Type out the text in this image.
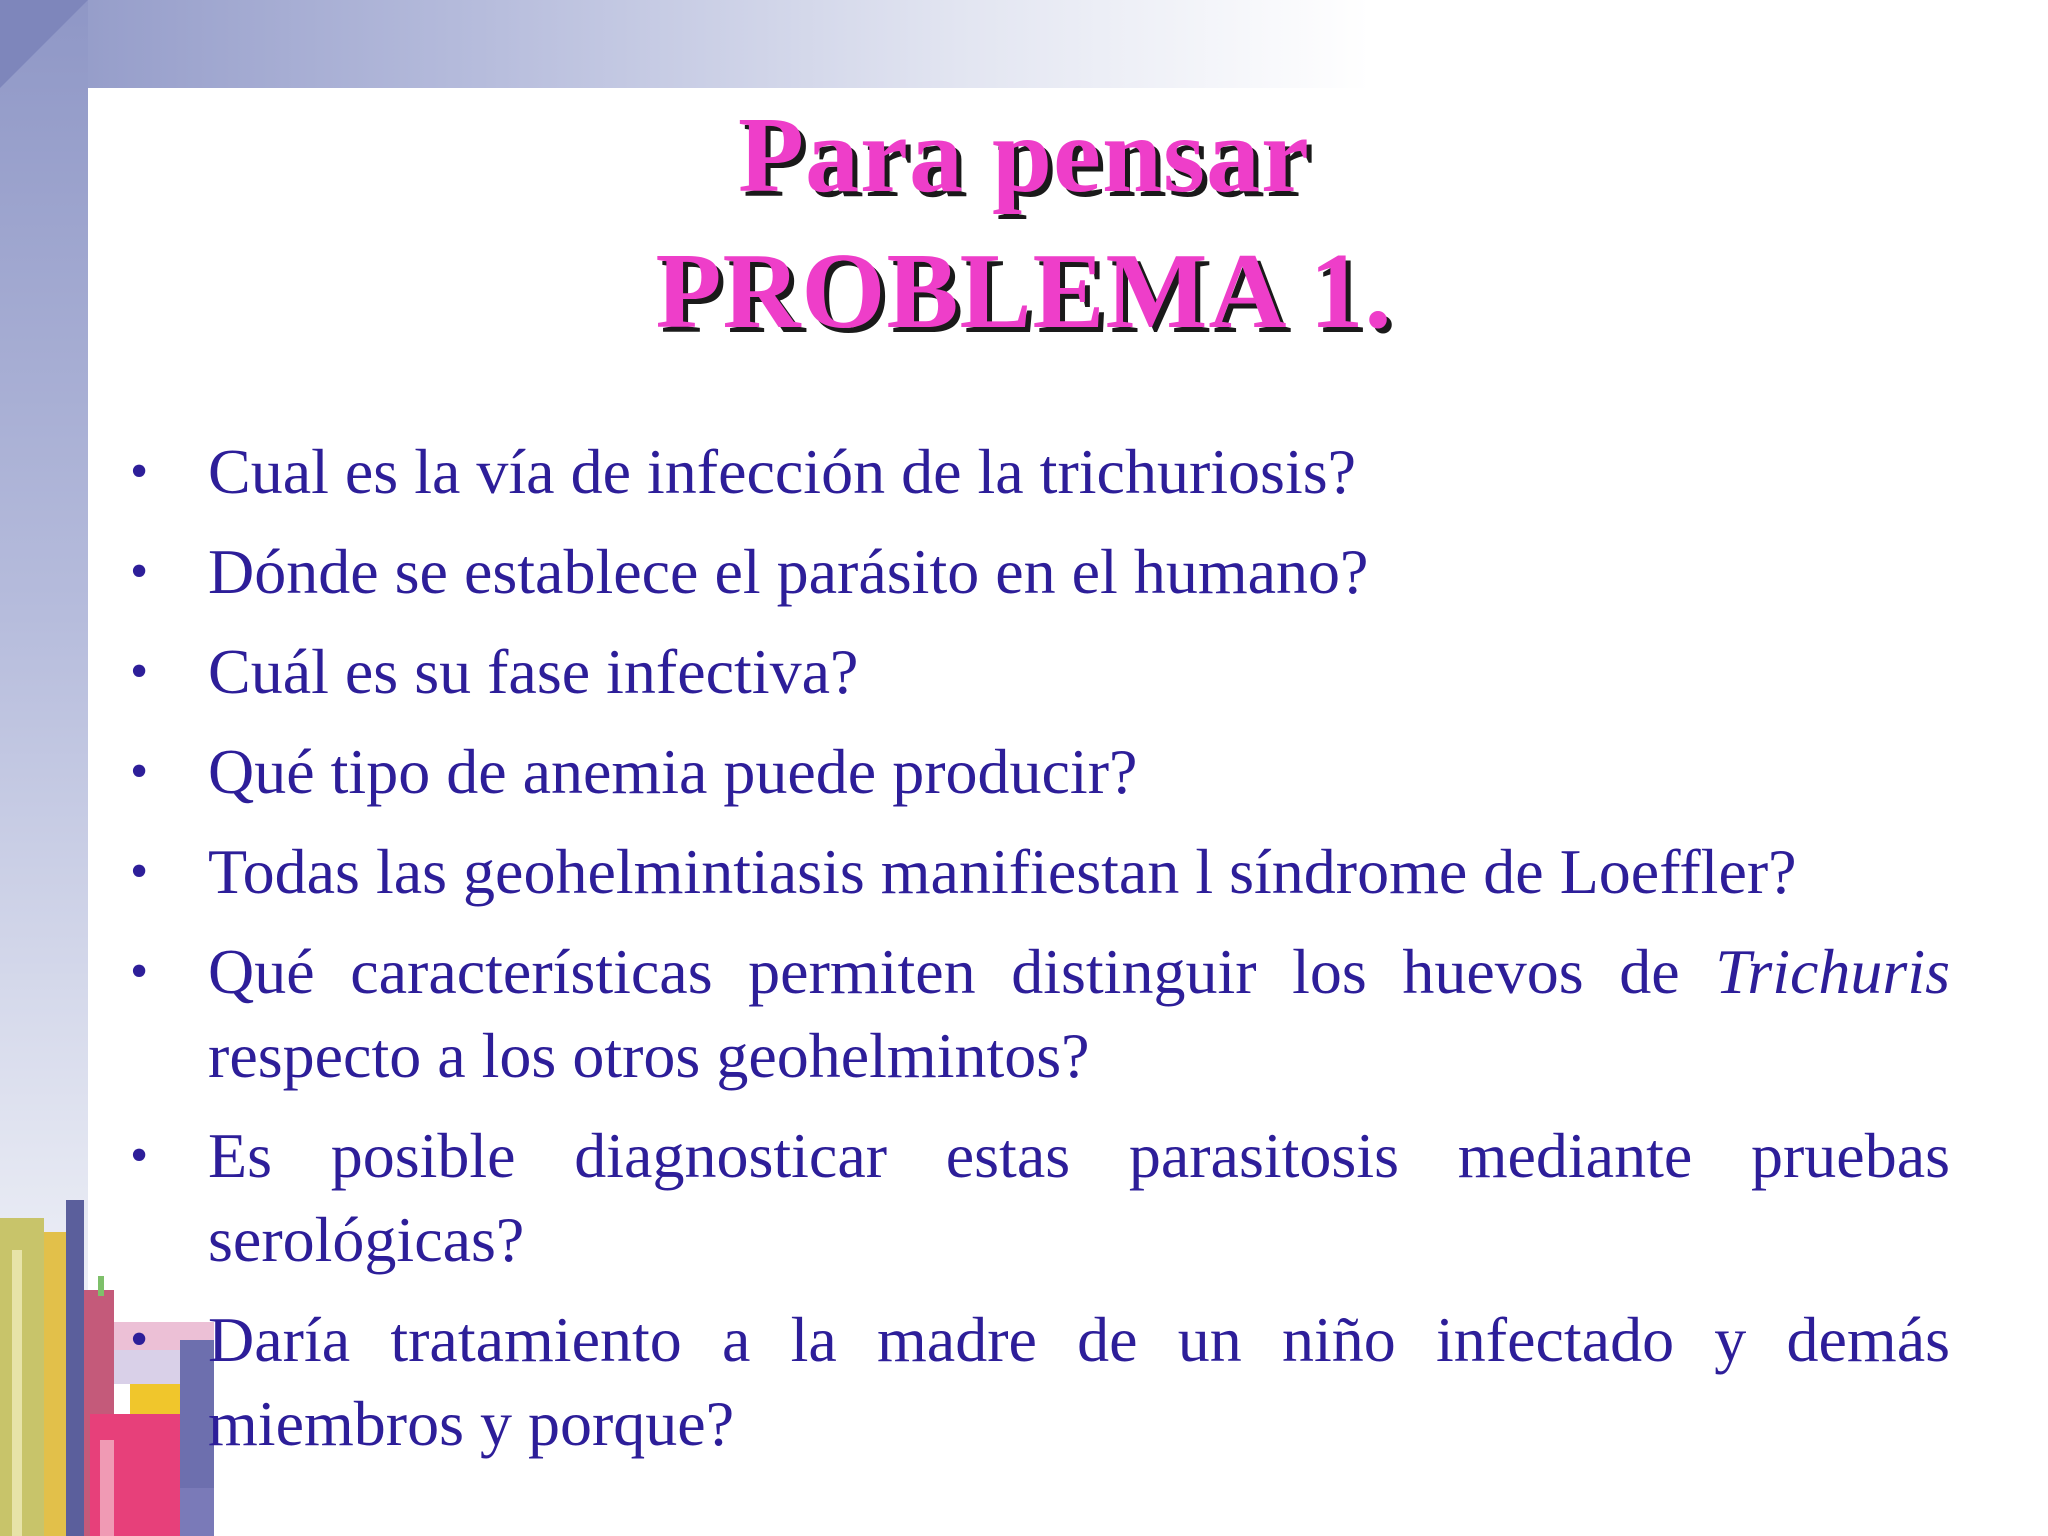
Para pensar
PROBLEMA 1.
• Cual es la vía de infección de la trichuriosis?
• Dónde se establece el parásito en el humano?
• Cuál es su fase infectiva?
• Qué tipo de anemia puede producir?
• Todas las geohelmintiasis manifiestan l síndrome de Loeffler?
• Qué características permiten distinguir los huevos de Trichuris respecto a los otros geohelmintos?
• Es posible diagnosticar estas parasitosis mediante pruebas serológicas?
• Daría tratamiento a la madre de un niño infectado y demás miembros y porque?
